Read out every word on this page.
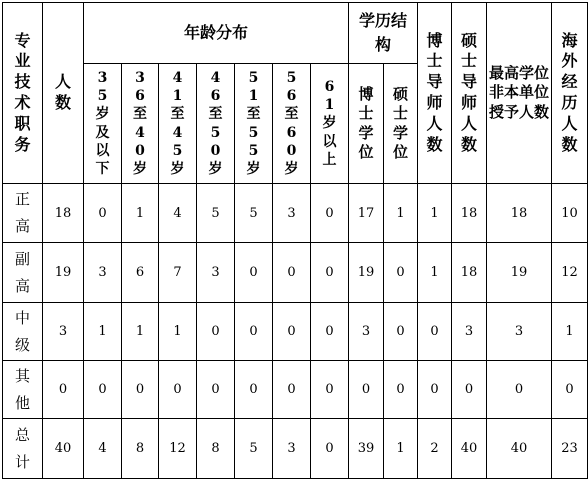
专业技术职务	人数	年龄分布							学历结构		博士导师人数	硕士导师人数	最高学位非本单位授予人数	海外经历人数
		35岁及以下	36至40岁	41至45岁	46至50岁	51至55岁	56至60岁	61岁以上	博士学位	硕士学位				
正高	18	0	1	4	5	5	3	0	17	1	1	18	18	10
副高	19	3	6	7	3	0	0	0	19	0	1	18	19	12
中级	3	1	1	1	0	0	0	0	3	0	0	3	3	1
其他	0	0	0	0	0	0	0	0	0	0	0	0	0	0
总计	40	4	8	12	8	5	3	0	39	1	2	40	40	23
